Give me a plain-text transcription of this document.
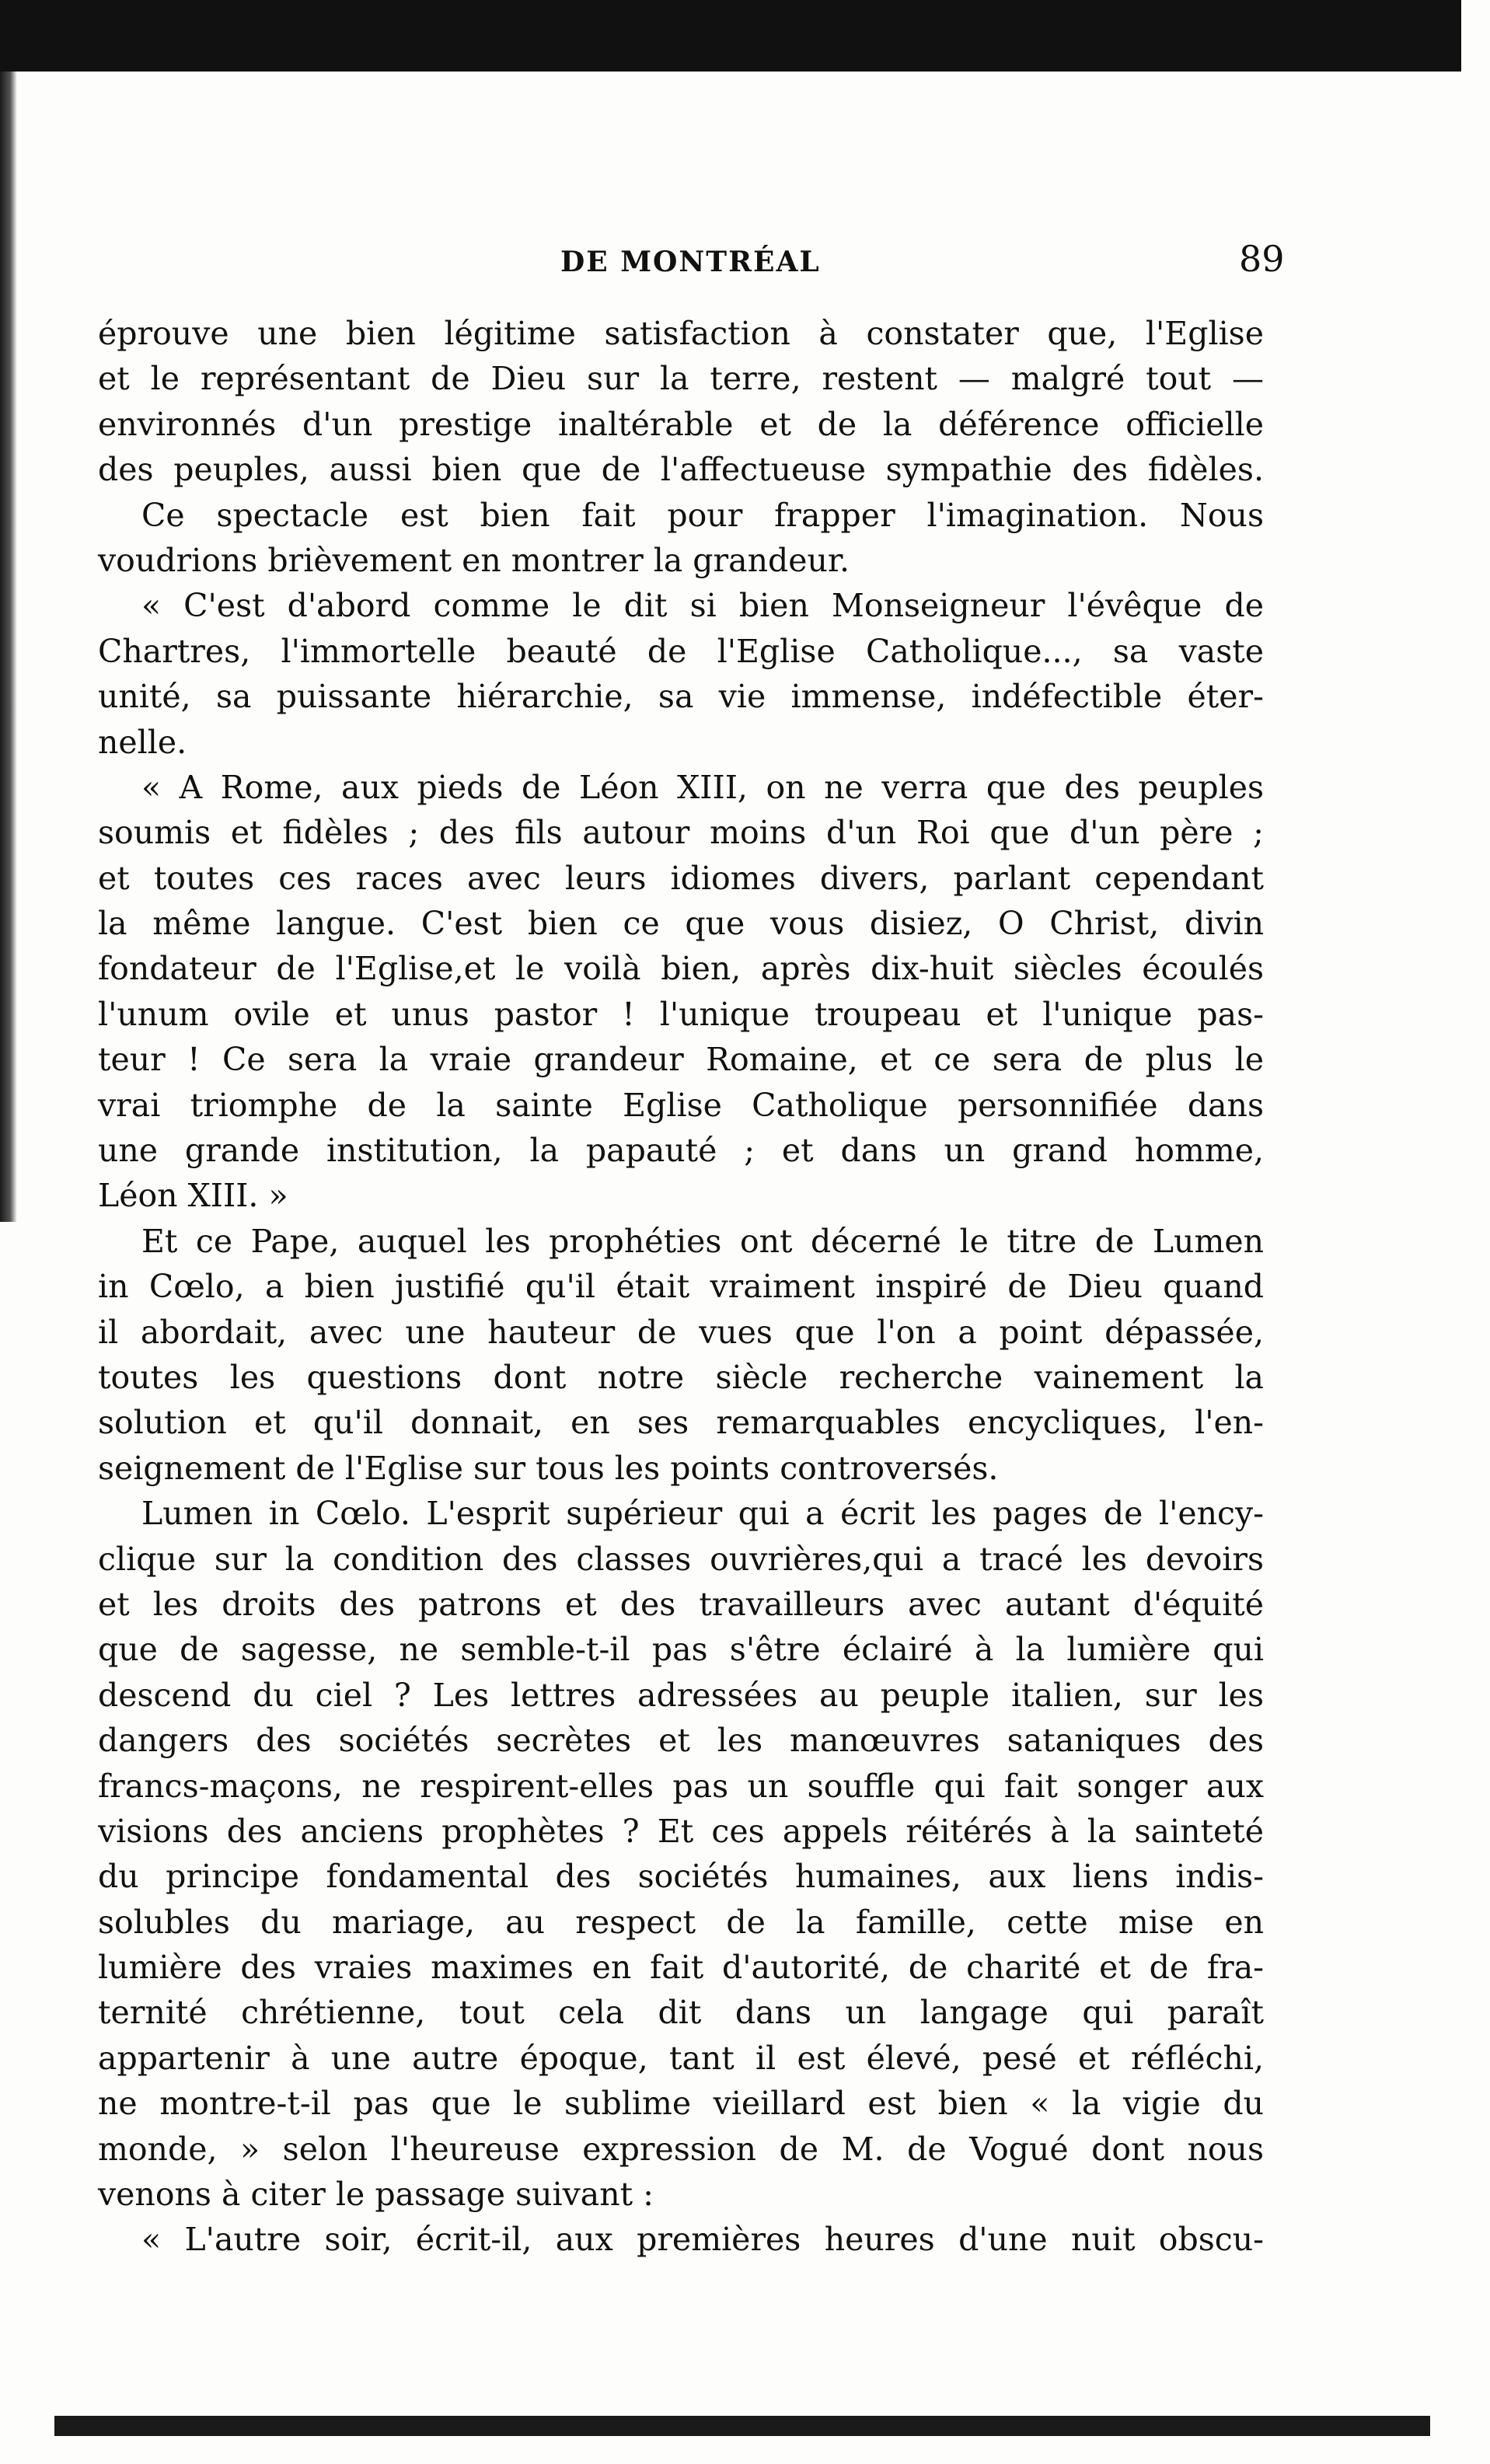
DE MONTRÉAL	89
éprouve une bien légitime satisfaction à constater que, l'Eglise
et le représentant de Dieu sur la terre, restent — malgré tout —
environnés d'un prestige inaltérable et de la déférence officielle
des peuples, aussi bien que de l'affectueuse sympathie des fidèles.
Ce spectacle est bien fait pour frapper l'imagination. Nous
voudrions brièvement en montrer la grandeur.
« C'est d'abord comme le dit si bien Monseigneur l'évêque de
Chartres, l'immortelle beauté de l'Eglise Catholique..., sa vaste
unité, sa puissante hiérarchie, sa vie immense, indéfectible éter-
nelle.
« A Rome, aux pieds de Léon XIII, on ne verra que des peuples
soumis et fidèles ; des fils autour moins d'un Roi que d'un père ;
et toutes ces races avec leurs idiomes divers, parlant cependant
la même langue. C'est bien ce que vous disiez, O Christ, divin
fondateur de l'Eglise,et le voilà bien, après dix-huit siècles écoulés
l'unum ovile et unus pastor ! l'unique troupeau et l'unique pas-
teur ! Ce sera la vraie grandeur Romaine, et ce sera de plus le
vrai triomphe de la sainte Eglise Catholique personnifiée dans
une grande institution, la papauté ; et dans un grand homme,
Léon XIII. »
Et ce Pape, auquel les prophéties ont décerné le titre de Lumen
in Cœlo, a bien justifié qu'il était vraiment inspiré de Dieu quand
il abordait, avec une hauteur de vues que l'on a point dépassée,
toutes les questions dont notre siècle recherche vainement la
solution et qu'il donnait, en ses remarquables encycliques, l'en-
seignement de l'Eglise sur tous les points controversés.
Lumen in Cœlo. L'esprit supérieur qui a écrit les pages de l'ency-
clique sur la condition des classes ouvrières,qui a tracé les devoirs
et les droits des patrons et des travailleurs avec autant d'équité
que de sagesse, ne semble-t-il pas s'être éclairé à la lumière qui
descend du ciel ? Les lettres adressées au peuple italien, sur les
dangers des sociétés secrètes et les manœuvres sataniques des
francs-maçons, ne respirent-elles pas un souffle qui fait songer aux
visions des anciens prophètes ? Et ces appels réitérés à la sainteté
du principe fondamental des sociétés humaines, aux liens indis-
solubles du mariage, au respect de la famille, cette mise en
lumière des vraies maximes en fait d'autorité, de charité et de fra-
ternité chrétienne, tout cela dit dans un langage qui paraît
appartenir à une autre époque, tant il est élevé, pesé et réfléchi,
ne montre-t-il pas que le sublime vieillard est bien « la vigie du
monde, » selon l'heureuse expression de M. de Vogué dont nous
venons à citer le passage suivant :
« L'autre soir, écrit-il, aux premières heures d'une nuit obscu-
